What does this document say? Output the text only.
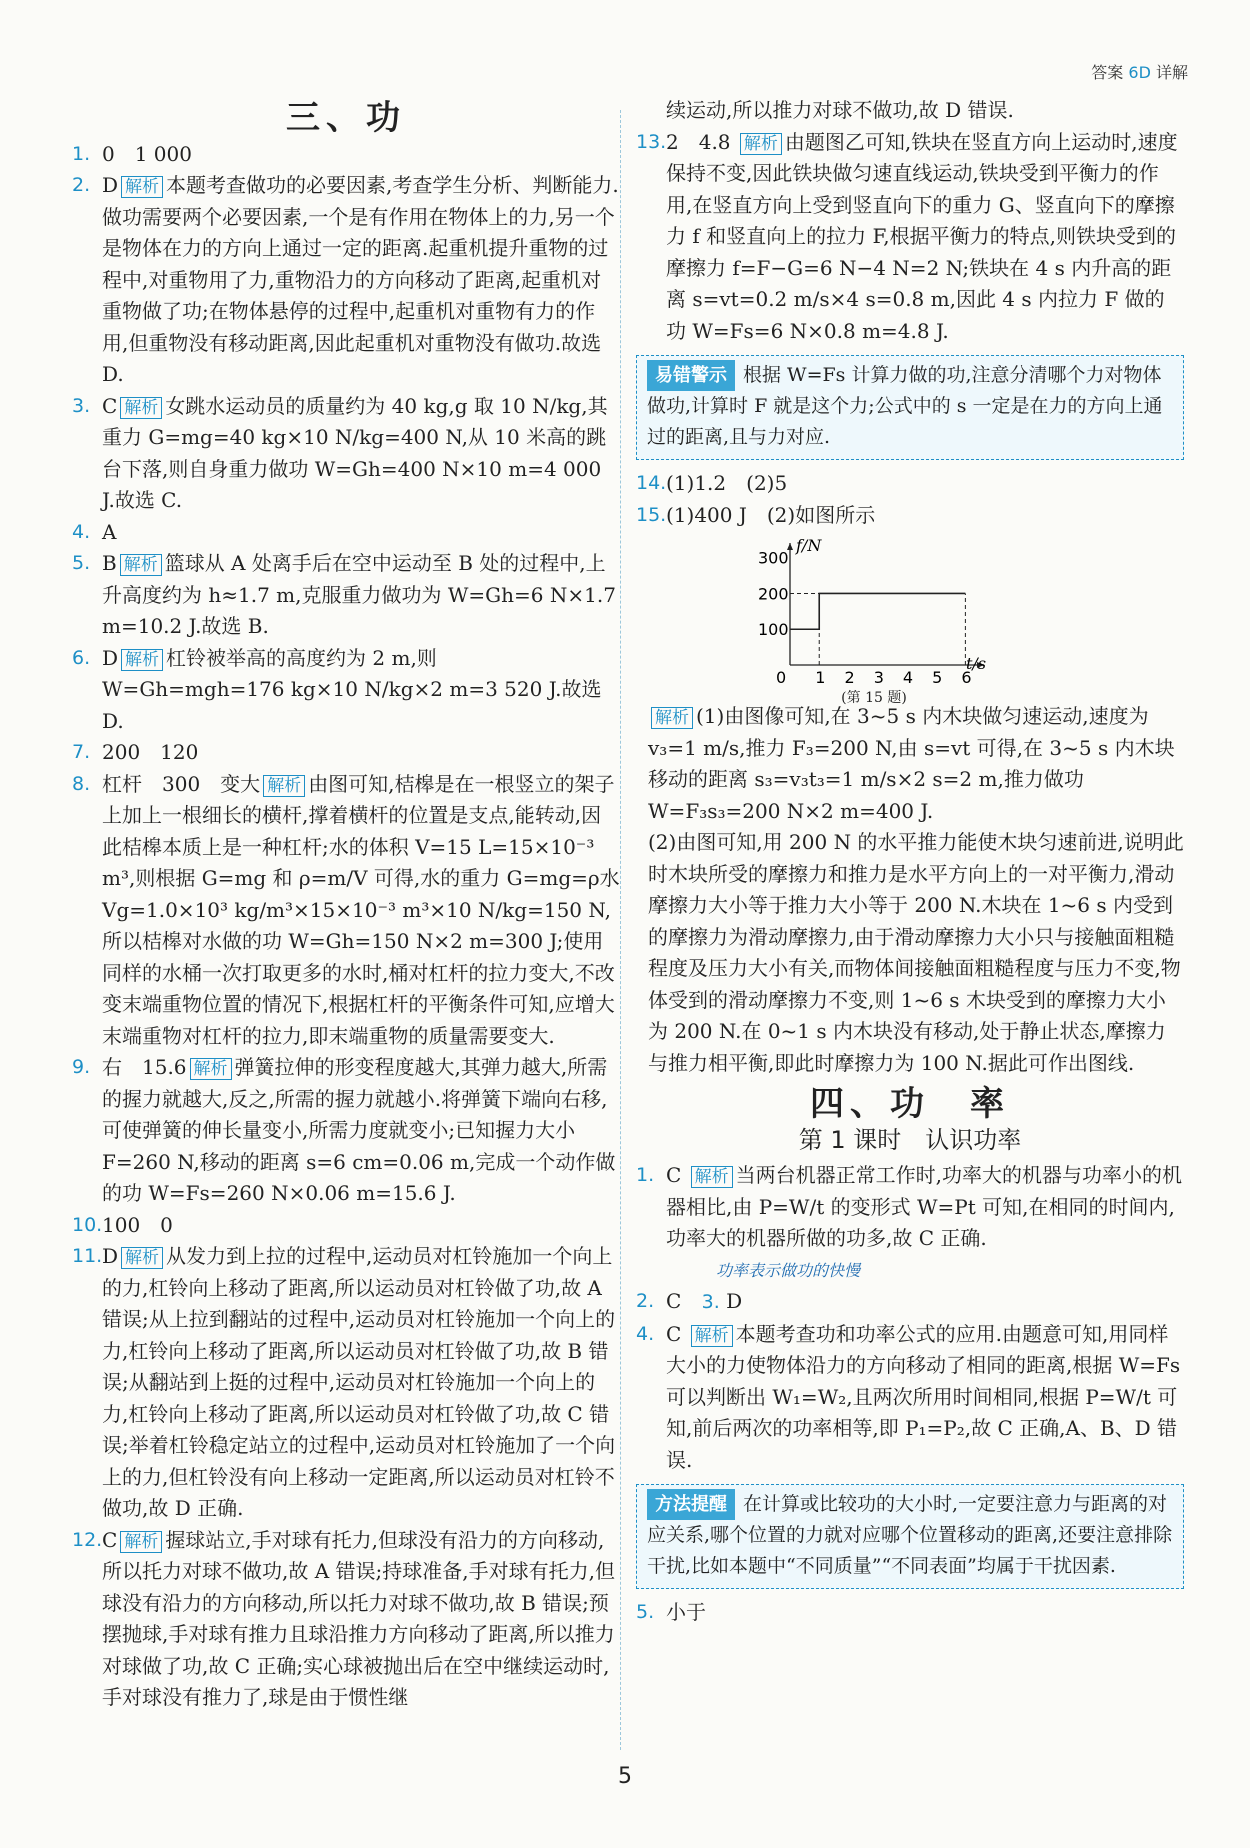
答案 6D 详解
三、功

1. 0　1 000

2. D 解析 本题考查做功的必要因素,考查学生分析、判断能力.做功需要两个必要因素,一个是有作用在物体上的力,另一个是物体在力的方向上通过一定的距离.起重机提升重物的过程中,对重物用了力,重物沿力的方向移动了距离,起重机对重物做了功;在物体悬停的过程中,起重机对重物有力的作用,但重物没有移动距离,因此起重机对重物没有做功.故选 D.

3. C 解析 女跳水运动员的质量约为 40 kg,g 取 10 N/kg,其重力 G=mg=40 kg×10 N/kg=400 N,从 10 米高的跳台下落,则自身重力做功 W=Gh=400 N×10 m=4 000 J.故选 C.

4. A

5. B 解析 篮球从 A 处离手后在空中运动至 B 处的过程中,上升高度约为 h≈1.7 m,克服重力做功为 W=Gh=6 N×1.7 m=10.2 J.故选 B.

6. D 解析 杠铃被举高的高度约为 2 m,则 W=Gh=mgh=176 kg×10 N/kg×2 m=3 520 J.故选 D.

7. 200　120

8. 杠杆　300　变大 解析 由图可知,桔槔是在一根竖立的架子上加上一根细长的横杆,撑着横杆的位置是支点,能转动,因此桔槔本质上是一种杠杆;水的体积 V=15 L=15×10⁻³ m³,则根据 G=mg 和 ρ=m/V 可得,水的重力 G=mg=ρ水Vg=1.0×10³ kg/m³×15×10⁻³ m³×10 N/kg=150 N,所以桔槔对水做的功 W=Gh=150 N×2 m=300 J;使用同样的水桶一次打取更多的水时,桶对杠杆的拉力变大,不改变末端重物位置的情况下,根据杠杆的平衡条件可知,应增大末端重物对杠杆的拉力,即末端重物的质量需要变大.

9. 右　15.6 解析 弹簧拉伸的形变程度越大,其弹力越大,所需的握力就越大,反之,所需的握力就越小.将弹簧下端向右移,可使弹簧的伸长量变小,所需力度就变小;已知握力大小 F=260 N,移动的距离 s=6 cm=0.06 m,完成一个动作做的功 W=Fs=260 N×0.06 m=15.6 J.

10. 100　0

11. D 解析 从发力到上拉的过程中,运动员对杠铃施加一个向上的力,杠铃向上移动了距离,所以运动员对杠铃做了功,故 A 错误;从上拉到翻站的过程中,运动员对杠铃施加一个向上的力,杠铃向上移动了距离,所以运动员对杠铃做了功,故 B 错误;从翻站到上挺的过程中,运动员对杠铃施加一个向上的力,杠铃向上移动了距离,所以运动员对杠铃做了功,故 C 错误;举着杠铃稳定站立的过程中,运动员对杠铃施加了一个向上的力,但杠铃没有向上移动一定距离,所以运动员对杠铃不做功,故 D 正确.

12. C 解析 握球站立,手对球有托力,但球没有沿力的方向移动,所以托力对球不做功,故 A 错误;持球准备,手对球有托力,但球没有沿力的方向移动,所以托力对球不做功,故 B 错误;预摆抛球,手对球有推力且球沿推力方向移动了距离,所以推力对球做了功,故 C 正确;实心球被抛出后在空中继续运动时,手对球没有推力了,球是由于惯性继

续运动,所以推力对球不做功,故 D 错误.

13. 2　4.8 解析 由题图乙可知,铁块在竖直方向上运动时,速度保持不变,因此铁块做匀速直线运动,铁块受到平衡力的作用,在竖直方向上受到竖直向下的重力 G、竖直向下的摩擦力 f 和竖直向上的拉力 F,根据平衡力的特点,则铁块受到的摩擦力 f=F−G=6 N−4 N=2 N;铁块在 4 s 内升高的距离 s=vt=0.2 m/s×4 s=0.8 m,因此 4 s 内拉力 F 做的功 W=Fs=6 N×0.8 m=4.8 J.

易错警示 根据 W=Fs 计算力做的功,注意分清哪个力对物体做功,计算时 F 就是这个力;公式中的 s 一定是在力的方向上通过的距离,且与力对应.

14. (1)1.2　(2)5

15. (1)400 J　(2)如图所示

f/N
t/s
0 1 2 3 4 5 6
100
200
300
(第 15 题)

解析 (1)由图像可知,在 3~5 s 内木块做匀速运动,速度为 v₃=1 m/s,推力 F₃=200 N,由 s=vt 可得,在 3~5 s 内木块移动的距离 s₃=v₃t₃=1 m/s×2 s=2 m,推力做功 W=F₃s₃=200 N×2 m=400 J.

(2)由图可知,用 200 N 的水平推力能使木块匀速前进,说明此时木块所受的摩擦力和推力是水平方向上的一对平衡力,滑动摩擦力大小等于推力大小等于 200 N.木块在 1~6 s 内受到的摩擦力为滑动摩擦力,由于滑动摩擦力大小只与接触面粗糙程度及压力大小有关,而物体间接触面粗糙程度与压力不变,物体受到的滑动摩擦力不变,则 1~6 s 木块受到的摩擦力大小为 200 N.在 0~1 s 内木块没有移动,处于静止状态,摩擦力与推力相平衡,即此时摩擦力为 100 N.据此可作出图线.

四、功　率
第 1 课时　认识功率

1. C 解析 当两台机器正常工作时,功率大的机器与功率小的机器相比,由 P=W/t 的变形式 W=Pt 可知,在相同的时间内,功率大的机器所做的功多,故 C 正确.

功率表示做功的快慢

2. C 3. D

4. C 解析 本题考查功和功率公式的应用.由题意可知,用同样大小的力使物体沿力的方向移动了相同的距离,根据 W=Fs 可以判断出 W₁=W₂,且两次所用时间相同,根据 P=W/t 可知,前后两次的功率相等,即 P₁=P₂,故 C 正确,A、B、D 错误.

方法提醒 在计算或比较功的大小时,一定要注意力与距离的对应关系,哪个位置的力就对应哪个位置移动的距离,还要注意排除干扰,比如本题中“不同质量”“不同表面”均属于干扰因素.

5. 小于

5
